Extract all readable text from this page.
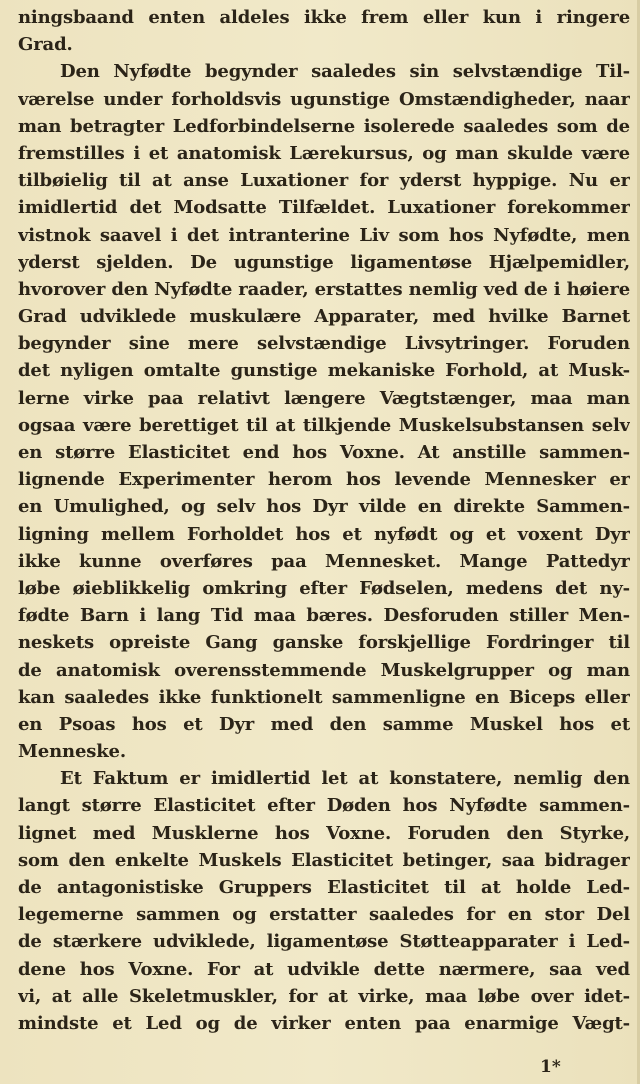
ningsbaand enten aldeles ikke frem eller kun i ringere
Grad.
Den Nyfødte begynder saaledes sin selvstændige Til-
værelse under forholdsvis ugunstige Omstændigheder, naar
man betragter Ledforbindelserne isolerede saaledes som de
fremstilles i et anatomisk Lærekursus, og man skulde være
tilbøielig til at anse Luxationer for yderst hyppige. Nu er
imidlertid det Modsatte Tilfældet. Luxationer forekommer
vistnok saavel i det intranterine Liv som hos Nyfødte, men
yderst sjelden. De ugunstige ligamentøse Hjælpemidler,
hvorover den Nyfødte raader, erstattes nemlig ved de i høiere
Grad udviklede muskulære Apparater, med hvilke Barnet
begynder sine mere selvstændige Livsytringer. Foruden
det nyligen omtalte gunstige mekaniske Forhold, at Musk-
lerne virke paa relativt længere Vægtstænger, maa man
ogsaa være berettiget til at tilkjende Muskelsubstansen selv
en større Elasticitet end hos Voxne. At anstille sammen-
lignende Experimenter herom hos levende Mennesker er
en Umulighed, og selv hos Dyr vilde en direkte Sammen-
ligning mellem Forholdet hos et nyfødt og et voxent Dyr
ikke kunne overføres paa Mennesket. Mange Pattedyr
løbe øieblikkelig omkring efter Fødselen, medens det ny-
fødte Barn i lang Tid maa bæres. Desforuden stiller Men-
neskets opreiste Gang ganske forskjellige Fordringer til
de anatomisk overensstemmende Muskelgrupper og man
kan saaledes ikke funktionelt sammenligne en Biceps eller
en Psoas hos et Dyr med den samme Muskel hos et
Menneske.
Et Faktum er imidlertid let at konstatere, nemlig den
langt større Elasticitet efter Døden hos Nyfødte sammen-
lignet med Musklerne hos Voxne. Foruden den Styrke,
som den enkelte Muskels Elasticitet betinger, saa bidrager
de antagonistiske Gruppers Elasticitet til at holde Led-
legemerne sammen og erstatter saaledes for en stor Del
de stærkere udviklede, ligamentøse Støtteapparater i Led-
dene hos Voxne. For at udvikle dette nærmere, saa ved
vi, at alle Skeletmuskler, for at virke, maa løbe over idet-
mindste et Led og de virker enten paa enarmige Vægt-
1*
